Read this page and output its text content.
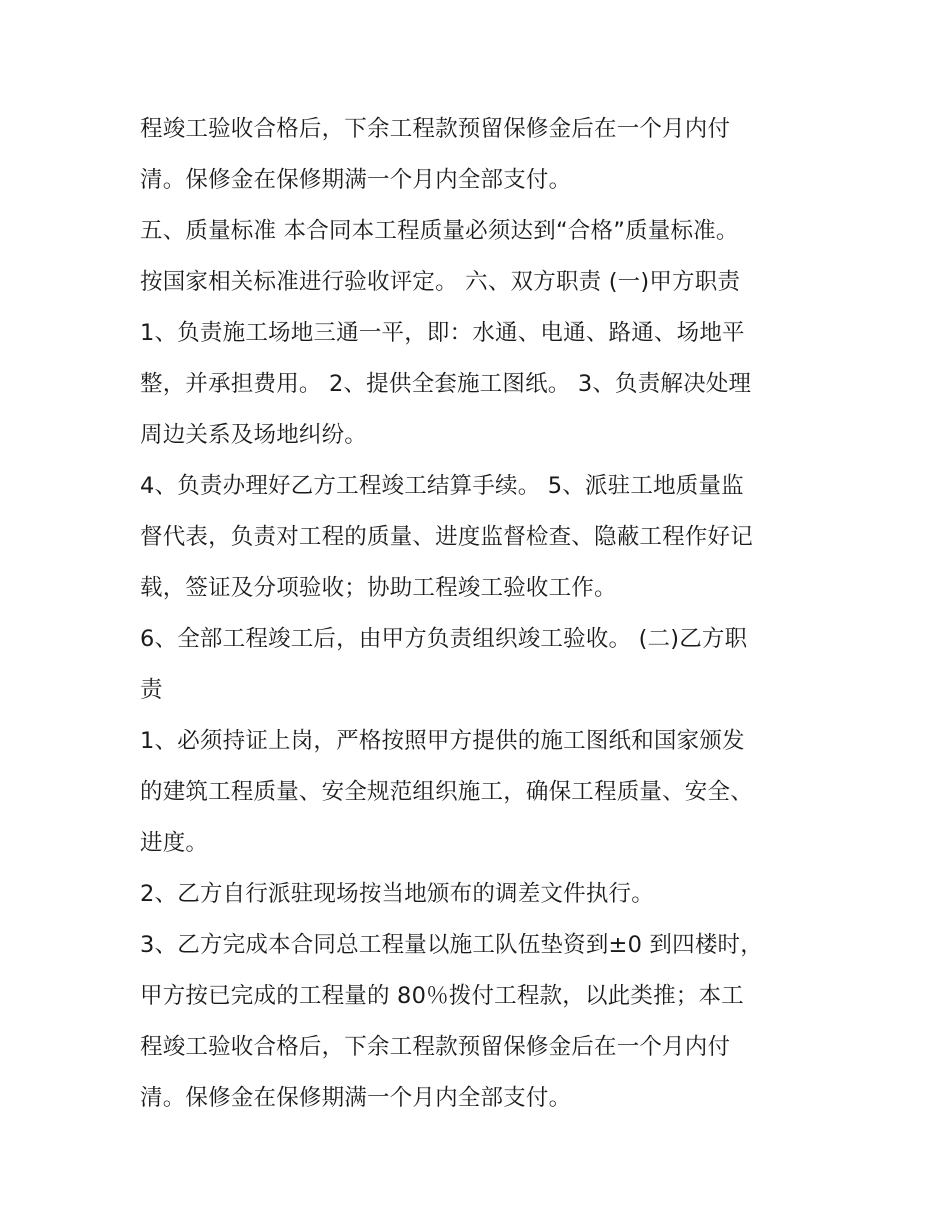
程竣工验收合格后，下余工程款预留保修金后在一个月内付
清。保修金在保修期满一个月内全部支付。
五、质量标准 本合同本工程质量必须达到“合格”质量标准。
按国家相关标准进行验收评定。 六、双方职责 (一)甲方职责
1、负责施工场地三通一平，即：水通、电通、路通、场地平
整，并承担费用。 2、提供全套施工图纸。 3、负责解决处理
周边关系及场地纠纷。
4、负责办理好乙方工程竣工结算手续。 5、派驻工地质量监
督代表，负责对工程的质量、进度监督检查、隐蔽工程作好记
载，签证及分项验收；协助工程竣工验收工作。
6、全部工程竣工后，由甲方负责组织竣工验收。 (二)乙方职
责
1、必须持证上岗，严格按照甲方提供的施工图纸和国家颁发
的建筑工程质量、安全规范组织施工，确保工程质量、安全、
进度。
2、乙方自行派驻现场按当地颁布的调差文件执行。
3、乙方完成本合同总工程量以施工队伍垫资到±0 到四楼时，
甲方按已完成的工程量的 80％拨付工程款，以此类推；本工
程竣工验收合格后，下余工程款预留保修金后在一个月内付
清。保修金在保修期满一个月内全部支付。
